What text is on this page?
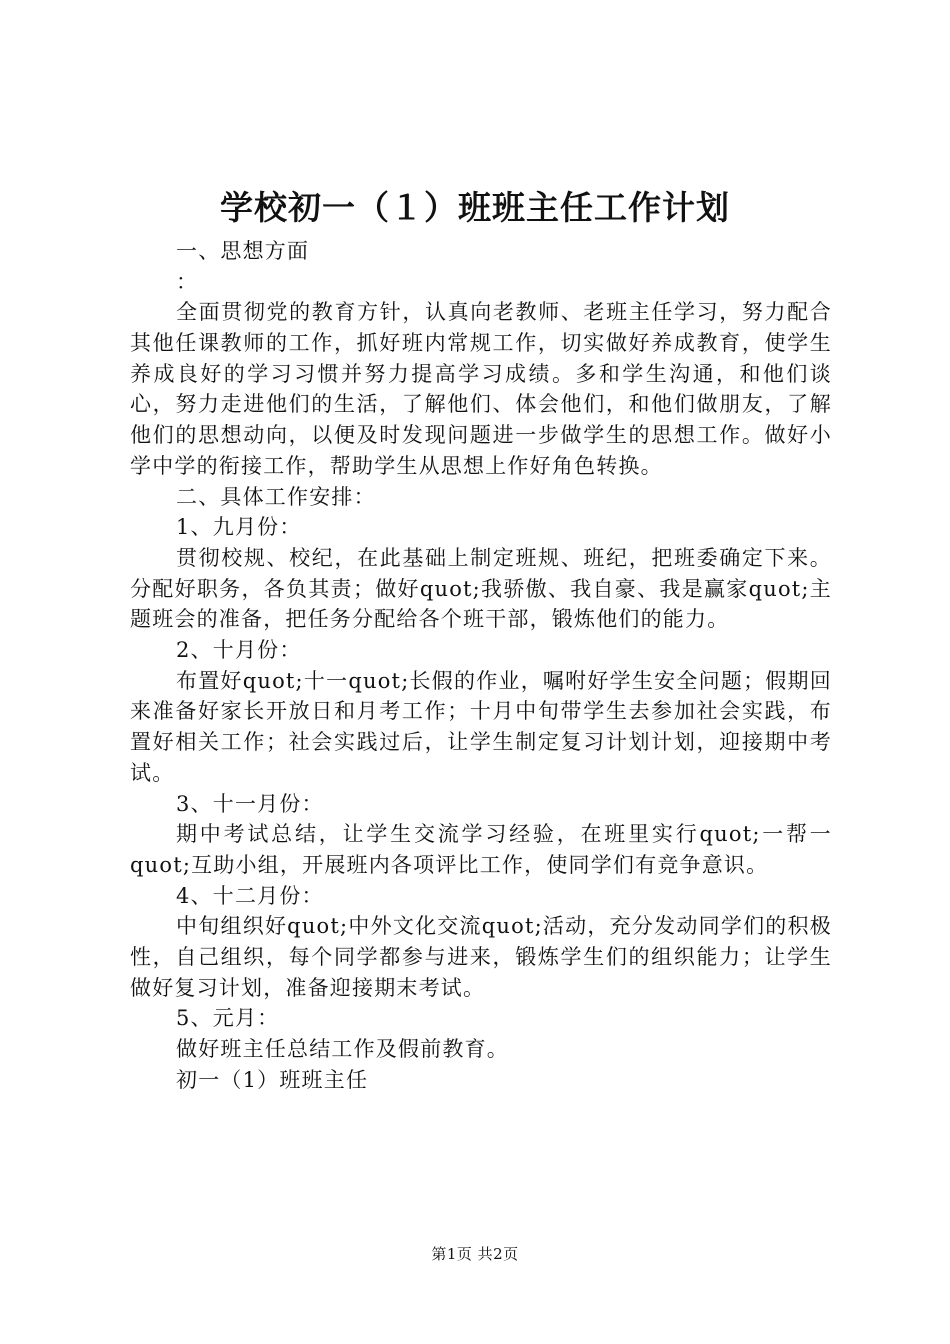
学校初一（１）班班主任工作计划
一、思想方面
：
全面贯彻党的教育方针，认真向老教师、老班主任学习，努力配合其他任课教师的工作，抓好班内常规工作，切实做好养成教育，使学生养成良好的学习习惯并努力提高学习成绩。多和学生沟通，和他们谈心，努力走进他们的生活，了解他们、体会他们，和他们做朋友，了解他们的思想动向，以便及时发现问题进一步做学生的思想工作。做好小学中学的衔接工作，帮助学生从思想上作好角色转换。
二、具体工作安排：
1、九月份：
贯彻校规、校纪，在此基础上制定班规、班纪，把班委确定下来。分配好职务，各负其责；做好quot;我骄傲、我自豪、我是赢家quot;主题班会的准备，把任务分配给各个班干部，锻炼他们的能力。
2、十月份：
布置好quot;十一quot;长假的作业，嘱咐好学生安全问题；假期回来准备好家长开放日和月考工作；十月中旬带学生去参加社会实践，布置好相关工作；社会实践过后，让学生制定复习计划计划，迎接期中考试。
3、十一月份：
期中考试总结，让学生交流学习经验，在班里实行quot;一帮一quot;互助小组，开展班内各项评比工作，使同学们有竞争意识。
4、十二月份：
中旬组织好quot;中外文化交流quot;活动，充分发动同学们的积极性，自己组织，每个同学都参与进来，锻炼学生们的组织能力；让学生做好复习计划，准备迎接期末考试。
5、元月：
做好班主任总结工作及假前教育。
初一（1）班班主任
第1页 共2页
